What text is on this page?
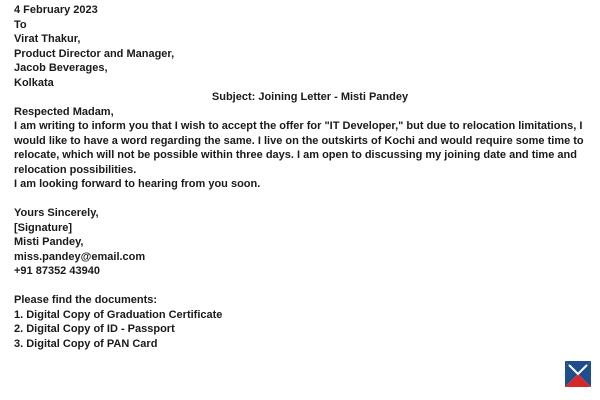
4 February 2023

To

Virat Thakur,

Product Director and Manager,

Jacob Beverages,

Kolkata

Subject: Joining Letter - Misti Pandey

Respected Madam,

I am writing to inform you that I wish to accept the offer for "IT Developer," but due to relocation limitations, I would like to have a word regarding the same. I live on the outskirts of Kochi and would require some time to relocate, which will not be possible within three days. I am open to discussing my joining date and time and relocation possibilities.

I am looking forward to hearing from you soon.

Yours Sincerely,

[Signature]

Misti Pandey,

miss.pandey@email.com

+91 87352 43940

Please find the documents:

1. Digital Copy of Graduation Certificate

2. Digital Copy of ID - Passport

3. Digital Copy of PAN Card
